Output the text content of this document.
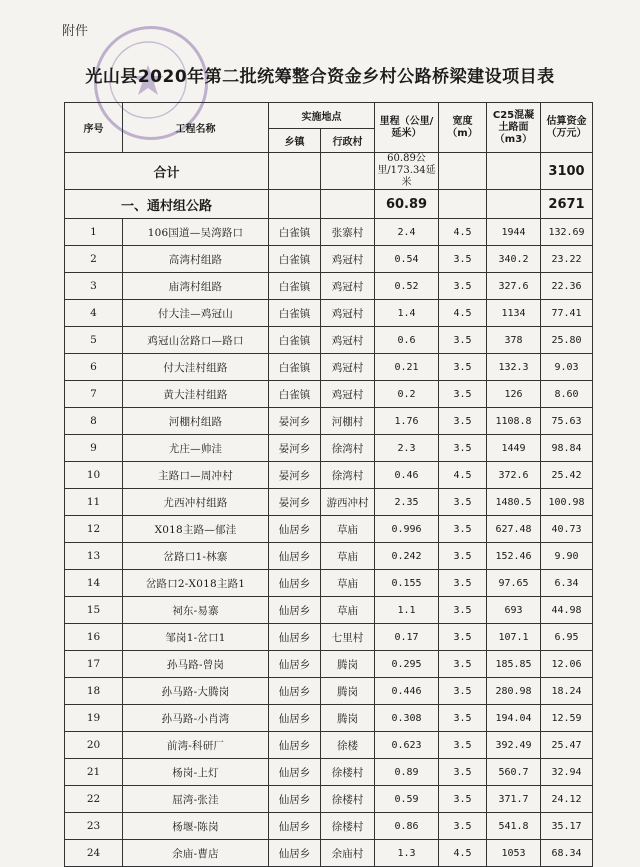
附件
光山县2020年第二批统筹整合资金乡村公路桥梁建设项目表
序号	工程名称	实施地点		里程（公里/延米）	宽度（m）	C25混凝土路面（m3）	估算资金（万元）
		乡镇	行政村				
合计				60.89公里/173.34延米			3100
一、通村组公路				60.89			2671
1	106国道—吴湾路口	白雀镇	张寨村	2.4	4.5	1944	132.69
2	高湾村组路	白雀镇	鸡冠村	0.54	3.5	340.2	23.22
3	庙湾村组路	白雀镇	鸡冠村	0.52	3.5	327.6	22.36
4	付大洼—鸡冠山	白雀镇	鸡冠村	1.4	4.5	1134	77.41
5	鸡冠山岔路口—路口	白雀镇	鸡冠村	0.6	3.5	378	25.80
6	付大洼村组路	白雀镇	鸡冠村	0.21	3.5	132.3	9.03
7	黄大洼村组路	白雀镇	鸡冠村	0.2	3.5	126	8.60
8	河棚村组路	晏河乡	河棚村	1.76	3.5	1108.8	75.63
9	尤庄—帅洼	晏河乡	徐湾村	2.3	3.5	1449	98.84
10	主路口—周冲村	晏河乡	徐湾村	0.46	4.5	372.6	25.42
11	尤西冲村组路	晏河乡	游西冲村	2.35	3.5	1480.5	100.98
12	X018主路—郁洼	仙居乡	草庙	0.996	3.5	627.48	40.73
13	岔路口1-林寨	仙居乡	草庙	0.242	3.5	152.46	9.90
14	岔路口2-X018主路1	仙居乡	草庙	0.155	3.5	97.65	6.34
15	祠东-易寨	仙居乡	草庙	1.1	3.5	693	44.98
16	邹岗1-岔口1	仙居乡	七里村	0.17	3.5	107.1	6.95
17	孙马路-曾岗	仙居乡	腾岗	0.295	3.5	185.85	12.06
18	孙马路-大腾岗	仙居乡	腾岗	0.446	3.5	280.98	18.24
19	孙马路-小肖湾	仙居乡	腾岗	0.308	3.5	194.04	12.59
20	前湾-科研厂	仙居乡	徐楼	0.623	3.5	392.49	25.47
21	杨岗-上灯	仙居乡	徐楼村	0.89	3.5	560.7	32.94
22	屈湾-张洼	仙居乡	徐楼村	0.59	3.5	371.7	24.12
23	杨堰-陈岗	仙居乡	徐楼村	0.86	3.5	541.8	35.17
24	余庙-曹店	仙居乡	余庙村	1.3	4.5	1053	68.34
